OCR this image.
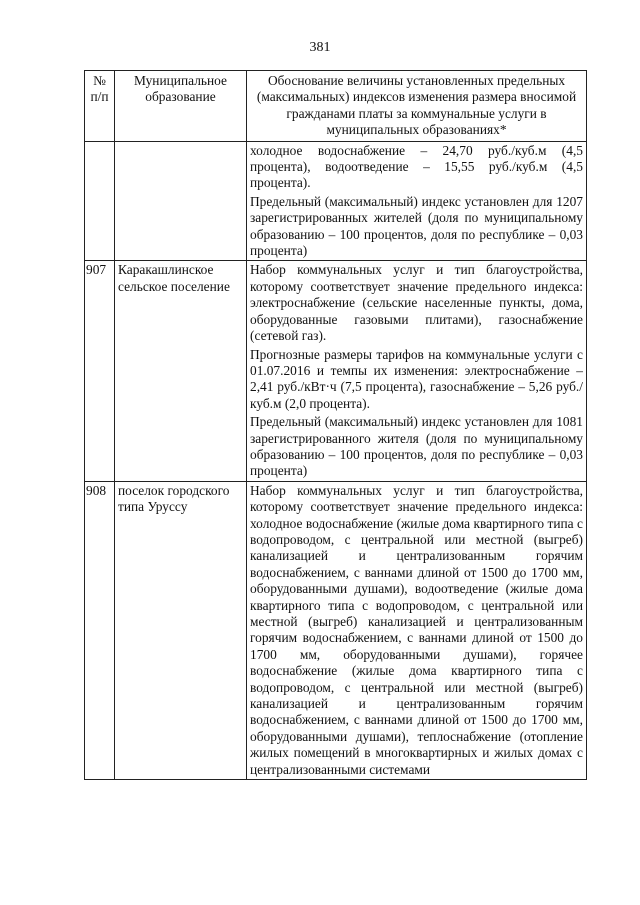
381
№ п/п	Муниципальное образование	Обоснование величины установленных предельных (максимальных) индексов изменения размера вносимой гражданами платы за коммунальные услуги в муниципальных образованиях*

		холодное водоснабжение – 24,70 руб./куб.м (4,5 процента), водоотведение – 15,55 руб./куб.м (4,5 процента).

Предельный (максимальный) индекс установлен для 1207 зарегистрированных жителей (доля по муниципальному образованию – 100 процентов, доля по республике – 0,03 процента)

907	Каракашлинское сельское поселение	Набор коммунальных услуг и тип благоустройства, которому соответствует значение предельного индекса: электроснабжение (сельские населенные пункты, дома, оборудованные газовыми плитами), газоснабжение (сетевой газ).

Прогнозные размеры тарифов на коммунальные услуги с 01.07.2016 и темпы их изменения: электроснабжение – 2,41 руб./кВт·ч (7,5 процента), газоснабжение – 5,26 руб./куб.м (2,0 процента).

Предельный (максимальный) индекс установлен для 1081 зарегистрированного жителя (доля по муниципальному образованию – 100 процентов, доля по республике – 0,03 процента)

908	поселок городского типа Уруссу	Набор коммунальных услуг и тип благоустройства, которому соответствует значение предельного индекса: холодное водоснабжение (жилые дома квартирного типа с водопроводом, с центральной или местной (выгреб) канализацией и централизованным горячим водоснабжением, с ваннами длиной от 1500 до 1700 мм, оборудованными душами), водоотведение (жилые дома квартирного типа с водопроводом, с центральной или местной (выгреб) канализацией и централизованным горячим водоснабжением, с ваннами длиной от 1500 до 1700 мм, оборудованными душами), горячее водоснабжение (жилые дома квартирного типа с водопроводом, с центральной или местной (выгреб) канализацией и централизованным горячим водоснабжением, с ваннами длиной от 1500 до 1700 мм, оборудованными душами), теплоснабжение (отопление жилых помещений в многоквартирных и жилых домах с централизованными системами
